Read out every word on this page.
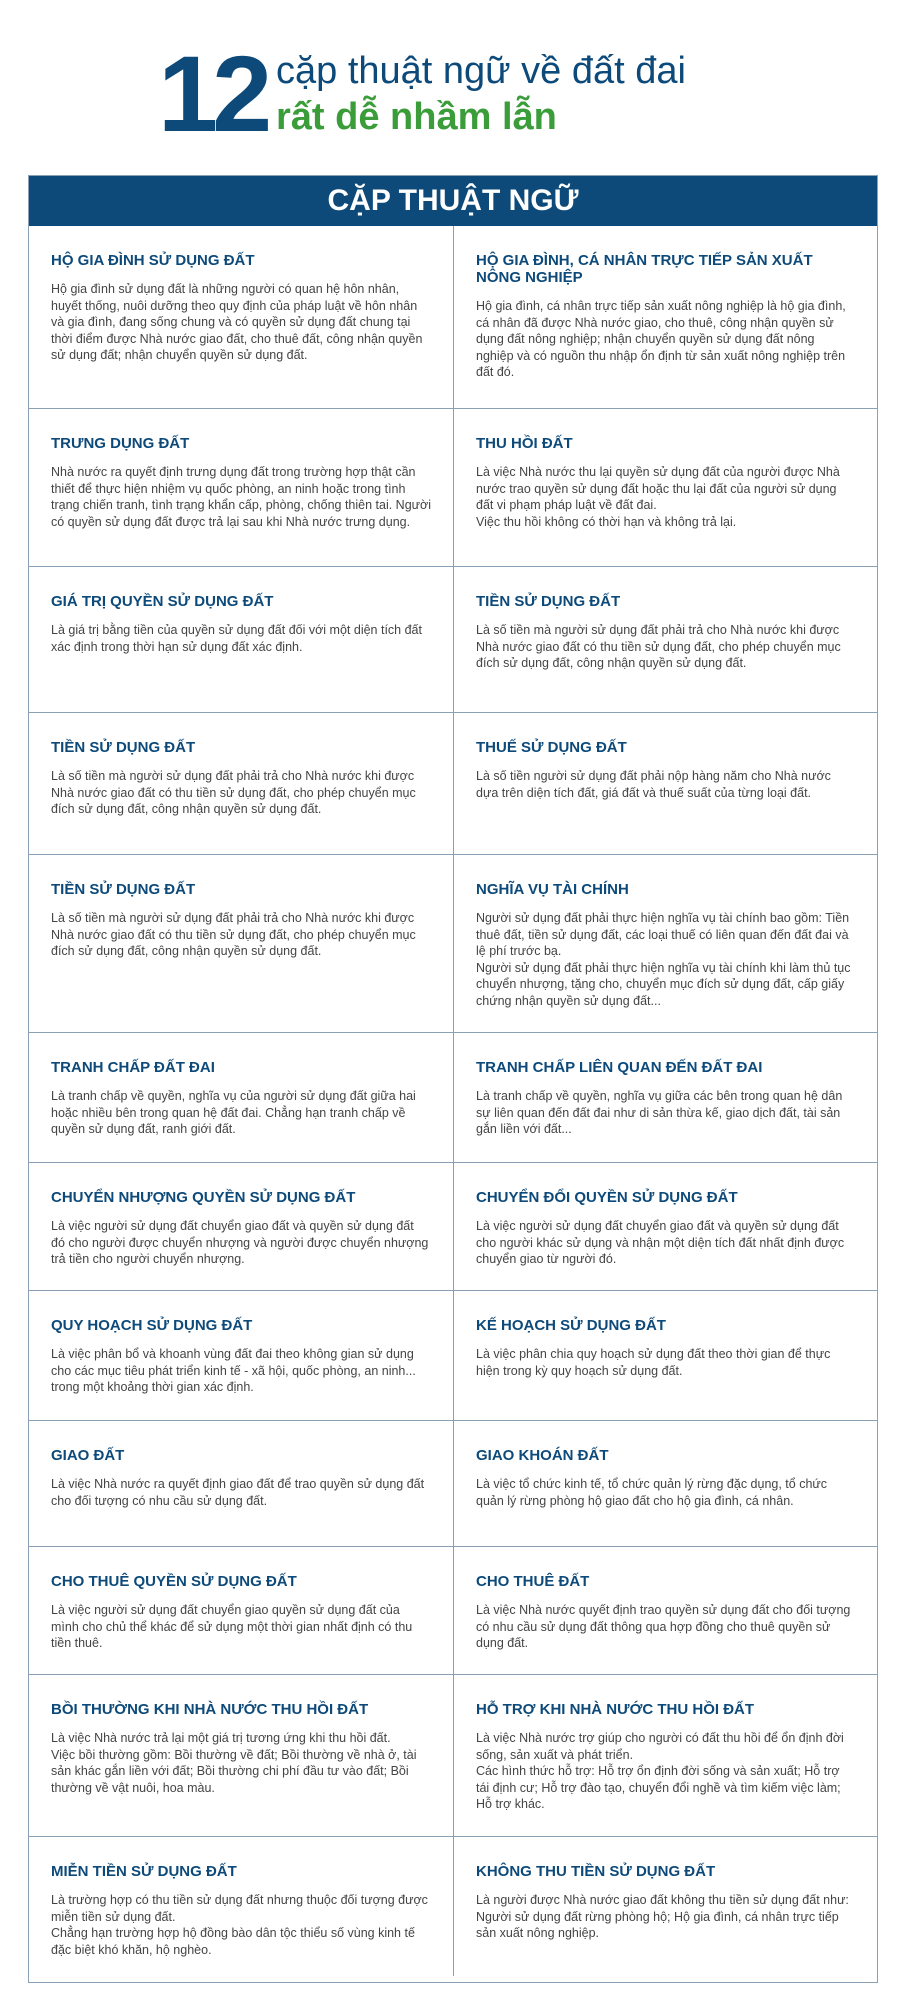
12 cặp thuật ngữ về đất đai
rất dễ nhầm lẫn
CẶP THUẬT NGỮ
HỘ GIA ĐÌNH SỬ DỤNG ĐẤT

Hộ gia đình sử dụng đất là những người có quan hệ hôn nhân, huyết thống, nuôi dưỡng theo quy định của pháp luật về hôn nhân và gia đình, đang sống chung và có quyền sử dụng đất chung tại thời điểm được Nhà nước giao đất, cho thuê đất, công nhận quyền sử dụng đất; nhận chuyển quyền sử dụng đất.

HỘ GIA ĐÌNH, CÁ NHÂN TRỰC TIẾP SẢN XUẤT NÔNG NGHIỆP

Hộ gia đình, cá nhân trực tiếp sản xuất nông nghiệp là hộ gia đình, cá nhân đã được Nhà nước giao, cho thuê, công nhận quyền sử dụng đất nông nghiệp; nhận chuyển quyền sử dụng đất nông nghiệp và có nguồn thu nhập ổn định từ sản xuất nông nghiệp trên đất đó.

TRƯNG DỤNG ĐẤT

Nhà nước ra quyết định trưng dụng đất trong trường hợp thật cần thiết để thực hiện nhiệm vụ quốc phòng, an ninh hoặc trong tình trạng chiến tranh, tình trạng khẩn cấp, phòng, chống thiên tai. Người có quyền sử dụng đất được trả lại sau khi Nhà nước trưng dụng.

THU HỒI ĐẤT

Là việc Nhà nước thu lại quyền sử dụng đất của người được Nhà nước trao quyền sử dụng đất hoặc thu lại đất của người sử dụng đất vi phạm pháp luật về đất đai.
Việc thu hồi không có thời hạn và không trả lại.

GIÁ TRỊ QUYỀN SỬ DỤNG ĐẤT

Là giá trị bằng tiền của quyền sử dụng đất đối với một diện tích đất xác định trong thời hạn sử dụng đất xác định.

TIỀN SỬ DỤNG ĐẤT

Là số tiền mà người sử dụng đất phải trả cho Nhà nước khi được Nhà nước giao đất có thu tiền sử dụng đất, cho phép chuyển mục đích sử dụng đất, công nhận quyền sử dụng đất.

TIỀN SỬ DỤNG ĐẤT

Là số tiền mà người sử dụng đất phải trả cho Nhà nước khi được Nhà nước giao đất có thu tiền sử dụng đất, cho phép chuyển mục đích sử dụng đất, công nhận quyền sử dụng đất.

THUẾ SỬ DỤNG ĐẤT

Là số tiền người sử dụng đất phải nộp hàng năm cho Nhà nước dựa trên diện tích đất, giá đất và thuế suất của từng loại đất.

TIỀN SỬ DỤNG ĐẤT

Là số tiền mà người sử dụng đất phải trả cho Nhà nước khi được Nhà nước giao đất có thu tiền sử dụng đất, cho phép chuyển mục đích sử dụng đất, công nhận quyền sử dụng đất.

NGHĨA VỤ TÀI CHÍNH

Người sử dụng đất phải thực hiện nghĩa vụ tài chính bao gồm: Tiền thuê đất, tiền sử dụng đất, các loại thuế có liên quan đến đất đai và lệ phí trước bạ.
Người sử dụng đất phải thực hiện nghĩa vụ tài chính khi làm thủ tục chuyển nhượng, tặng cho, chuyển mục đích sử dụng đất, cấp giấy chứng nhận quyền sử dụng đất...

TRANH CHẤP ĐẤT ĐAI

Là tranh chấp về quyền, nghĩa vụ của người sử dụng đất giữa hai hoặc nhiều bên trong quan hệ đất đai. Chẳng hạn tranh chấp về quyền sử dụng đất, ranh giới đất.

TRANH CHẤP LIÊN QUAN ĐẾN ĐẤT ĐAI

Là tranh chấp về quyền, nghĩa vụ giữa các bên trong quan hệ dân sự liên quan đến đất đai như di sản thừa kế, giao dịch đất, tài sản gắn liền với đất...

CHUYỂN NHƯỢNG QUYỀN SỬ DỤNG ĐẤT

Là việc người sử dụng đất chuyển giao đất và quyền sử dụng đất đó cho người được chuyển nhượng và người được chuyển nhượng trả tiền cho người chuyển nhượng.

CHUYỂN ĐỔI QUYỀN SỬ DỤNG ĐẤT

Là việc người sử dụng đất chuyển giao đất và quyền sử dụng đất cho người khác sử dụng và nhận một diện tích đất nhất định được chuyển giao từ người đó.

QUY HOẠCH SỬ DỤNG ĐẤT

Là việc phân bổ và khoanh vùng đất đai theo không gian sử dụng cho các mục tiêu phát triển kinh tế - xã hội, quốc phòng, an ninh... trong một khoảng thời gian xác định.

KẾ HOẠCH SỬ DỤNG ĐẤT

Là việc phân chia quy hoạch sử dụng đất theo thời gian để thực hiện trong kỳ quy hoạch sử dụng đất.

GIAO ĐẤT

Là việc Nhà nước ra quyết định giao đất để trao quyền sử dụng đất cho đối tượng có nhu cầu sử dụng đất.

GIAO KHOÁN ĐẤT

Là việc tổ chức kinh tế, tổ chức quản lý rừng đặc dụng, tổ chức quản lý rừng phòng hộ giao đất cho hộ gia đình, cá nhân.

CHO THUÊ QUYỀN SỬ DỤNG ĐẤT

Là việc người sử dụng đất chuyển giao quyền sử dụng đất của mình cho chủ thể khác để sử dụng một thời gian nhất định có thu tiền thuê.

CHO THUÊ ĐẤT

Là việc Nhà nước quyết định trao quyền sử dụng đất cho đối tượng có nhu cầu sử dụng đất thông qua hợp đồng cho thuê quyền sử dụng đất.

BỒI THƯỜNG KHI NHÀ NƯỚC THU HỒI ĐẤT

Là việc Nhà nước trả lại một giá trị tương ứng khi thu hồi đất.
Việc bồi thường gồm: Bồi thường về đất; Bồi thường về nhà ở, tài sản khác gắn liền với đất; Bồi thường chi phí đầu tư vào đất; Bồi thường về vật nuôi, hoa màu.

HỖ TRỢ KHI NHÀ NƯỚC THU HỒI ĐẤT

Là việc Nhà nước trợ giúp cho người có đất thu hồi để ổn định đời sống, sản xuất và phát triển.
Các hình thức hỗ trợ: Hỗ trợ ổn định đời sống và sản xuất; Hỗ trợ tái định cư; Hỗ trợ đào tạo, chuyển đổi nghề và tìm kiếm việc làm; Hỗ trợ khác.

MIỄN TIỀN SỬ DỤNG ĐẤT

Là trường hợp có thu tiền sử dụng đất nhưng thuộc đối tượng được miễn tiền sử dụng đất.
Chẳng hạn trường hợp hộ đồng bào dân tộc thiểu số vùng kinh tế đặc biệt khó khăn, hộ nghèo.

KHÔNG THU TIỀN SỬ DỤNG ĐẤT

Là người được Nhà nước giao đất không thu tiền sử dụng đất như: Người sử dụng đất rừng phòng hộ; Hộ gia đình, cá nhân trực tiếp sản xuất nông nghiệp.
